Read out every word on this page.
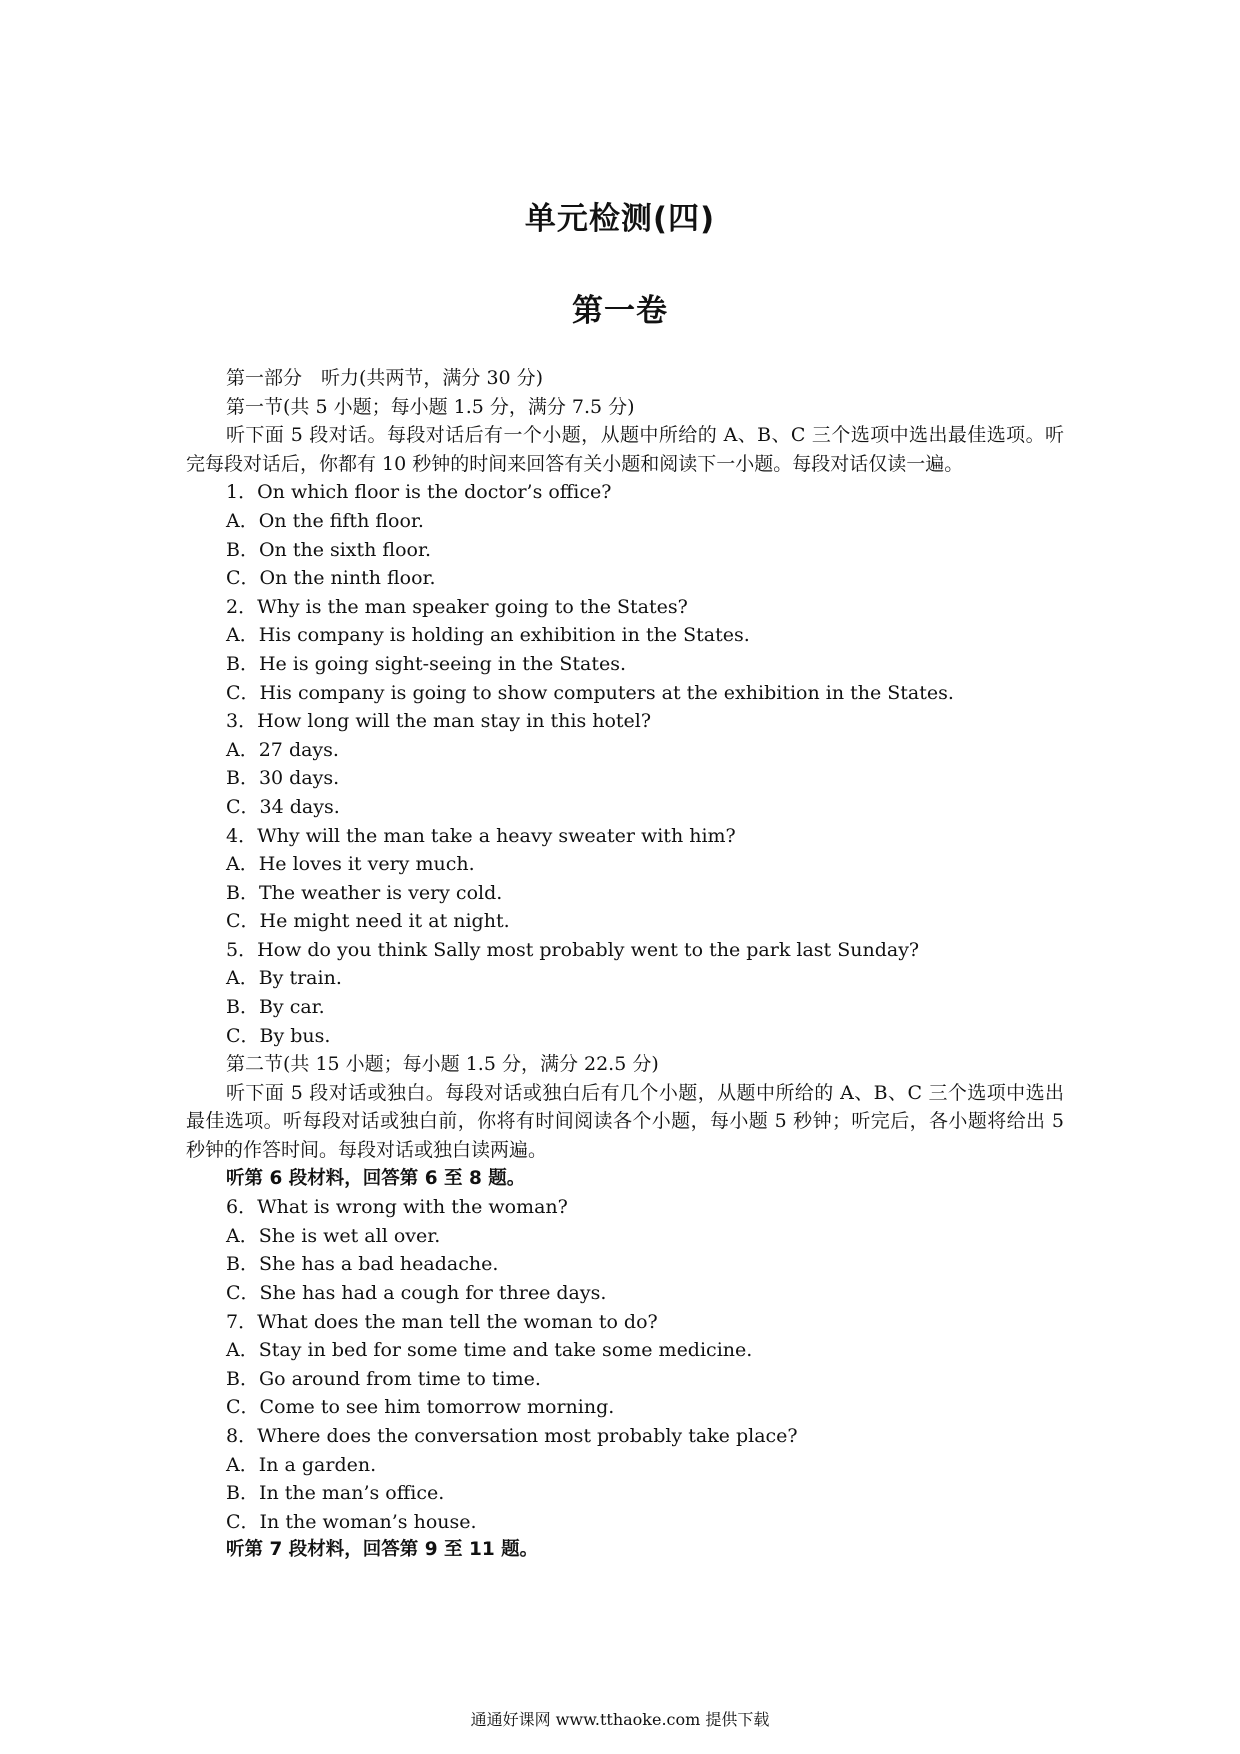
单元检测(四)
第一卷
第一部分　听力(共两节，满分 30 分)
第一节(共 5 小题；每小题 1.5 分，满分 7.5 分)

听下面 5 段对话。每段对话后有一个小题，从题中所给的 A、B、C 三个选项中选出最佳选项。听完每段对话后，你都有 10 秒钟的时间来回答有关小题和阅读下一小题。每段对话仅读一遍。

1．On which floor is the doctor’s office?
A．On the fifth floor.
B．On the sixth floor.
C．On the ninth floor.
2．Why is the man speaker going to the States?
A．His company is holding an exhibition in the States.
B．He is going sight-seeing in the States.
C．His company is going to show computers at the exhibition in the States.
3．How long will the man stay in this hotel?
A．27 days.
B．30 days.
C．34 days.
4．Why will the man take a heavy sweater with him?
A．He loves it very much.
B．The weather is very cold.
C．He might need it at night.
5．How do you think Sally most probably went to the park last Sunday?
A．By train.
B．By car.
C．By bus.
第二节(共 15 小题；每小题 1.5 分，满分 22.5 分)

听下面 5 段对话或独白。每段对话或独白后有几个小题，从题中所给的 A、B、C 三个选项中选出最佳选项。听每段对话或独白前，你将有时间阅读各个小题，每小题 5 秒钟；听完后，各小题将给出 5 秒钟的作答时间。每段对话或独白读两遍。

听第 6 段材料，回答第 6 至 8 题。
6．What is wrong with the woman?
A．She is wet all over.
B．She has a bad headache.
C．She has had a cough for three days.
7．What does the man tell the woman to do?
A．Stay in bed for some time and take some medicine.
B．Go around from time to time.
C．Come to see him tomorrow morning.
8．Where does the conversation most probably take place?
A．In a garden.
B．In the man’s office.
C．In the woman’s house.
听第 7 段材料，回答第 9 至 11 题。
通通好课网 www.tthaoke.com 提供下载
